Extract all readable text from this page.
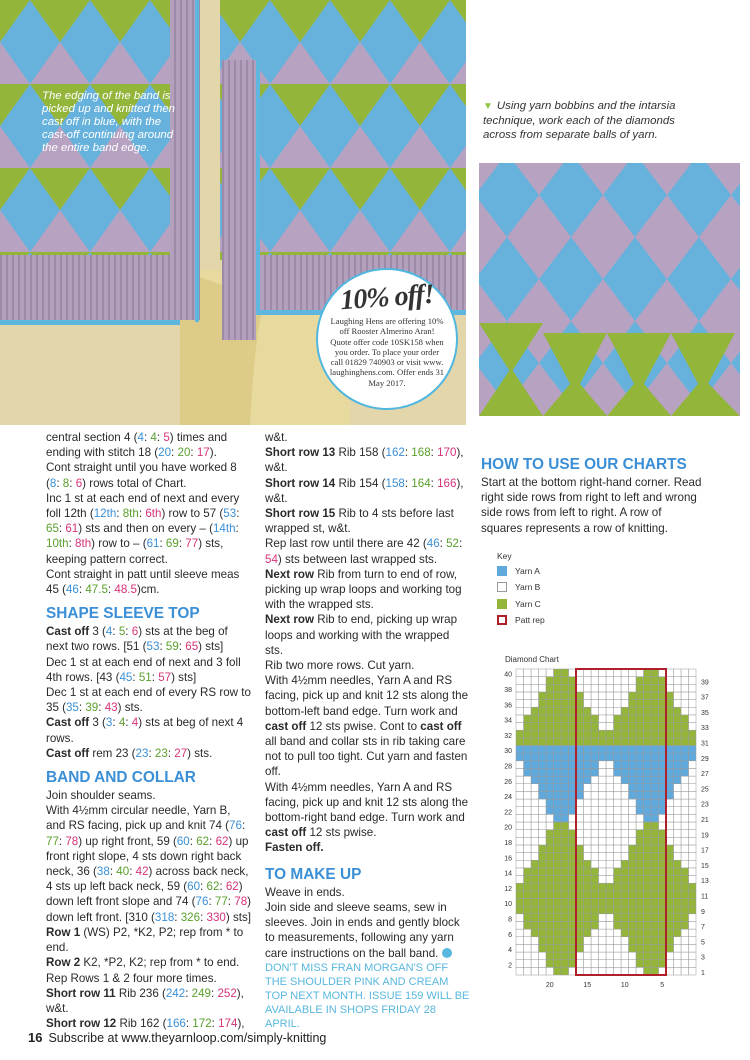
The edging of the band is picked up and knitted then cast off in blue, with the cast-off continuing around the entire band edge.
▼ Using yarn bobbins and the intarsia technique, work each of the diamonds across from separate balls of yarn.
10% off!
Laughing Hens are offering 10% off Rooster Almerino Aran! Quote offer code 10SK158 when you order. To place your order call 01829 740903 or visit www. laughinghens.com. Offer ends 31 May 2017.

central section 4 (4: 4: 5) times and ending with stitch 18 (20: 20: 17).

Cont straight until you have worked 8 (8: 8: 6) rows total of Chart.

Inc 1 st at each end of next and every foll 12th (12th: 8th: 6th) row to 57 (53: 65: 61) sts and then on every – (14th: 10th: 8th) row to – (61: 69: 77) sts, keeping pattern correct.

Cont straight in patt until sleeve meas 45 (46: 47.5: 48.5)cm.

SHAPE SLEEVE TOP

Cast off 3 (4: 5: 6) sts at the beg of next two rows. [51 (53: 59: 65) sts]

Dec 1 st at each end of next and 3 foll 4th rows. [43 (45: 51: 57) sts]

Dec 1 st at each end of every RS row to 35 (35: 39: 43) sts.

Cast off 3 (3: 4: 4) sts at beg of next 4 rows.

Cast off rem 23 (23: 23: 27) sts.

BAND AND COLLAR

Join shoulder seams.

With 4½mm circular needle, Yarn B, and RS facing, pick up and knit 74 (76: 77: 78) up right front, 59 (60: 62: 62) up front right slope, 4 sts down right back neck, 36 (38: 40: 42) across back neck, 4 sts up left back neck, 59 (60: 62: 62) down left front slope and 74 (76: 77: 78) down left front. [310 (318: 326: 330) sts]

Row 1 (WS) P2, *K2, P2; rep from * to end.

Row 2 K2, *P2, K2; rep from * to end.

Rep Rows 1 & 2 four more times.

Short row 11 Rib 236 (242: 249: 252), w&t.

Short row 12 Rib 162 (166: 172: 174),

w&t.

Short row 13 Rib 158 (162: 168: 170), w&t.

Short row 14 Rib 154 (158: 164: 166), w&t.

Short row 15 Rib to 4 sts before last wrapped st, w&t.

Rep last row until there are 42 (46: 52: 54) sts between last wrapped sts.

Next row Rib from turn to end of row, picking up wrap loops and working tog with the wrapped sts.

Next row Rib to end, picking up wrap loops and working with the wrapped sts.

Rib two more rows. Cut yarn.

With 4½mm needles, Yarn A and RS facing, pick up and knit 12 sts along the bottom-left band edge. Turn work and cast off 12 sts pwise. Cont to cast off all band and collar sts in rib taking care not to pull too tight. Cut yarn and fasten off.

With 4½mm needles, Yarn A and RS facing, pick up and knit 12 sts along the bottom-right band edge. Turn work and cast off 12 sts pwise.

Fasten off.

TO MAKE UP

Weave in ends.

Join side and sleeve seams, sew in sleeves. Join in ends and gently block to measurements, following any yarn care instructions on the ball band.

DON'T MISS FRAN MORGAN'S OFF THE SHOULDER PINK AND CREAM TOP NEXT MONTH. ISSUE 159 WILL BE AVAILABLE IN SHOPS FRIDAY 28 APRIL.

HOW TO USE OUR CHARTS

Start at the bottom right-hand corner. Read right side rows from right to left and wrong side rows from left to right. A row of squares represents a row of knitting.

Key
Yarn A
Yarn B
Yarn C
Patt rep
Diamond Chart
40
38
36
34
32
30
28
26
24
22
20
18
16
14
12
10
8
6
4
2
39
37
35
33
31
29
27
25
23
21
19
17
15
13
11
9
7
5
3
1
20	15	10	5
16 Subscribe at www.theyarnloop.com/simply-knitting
